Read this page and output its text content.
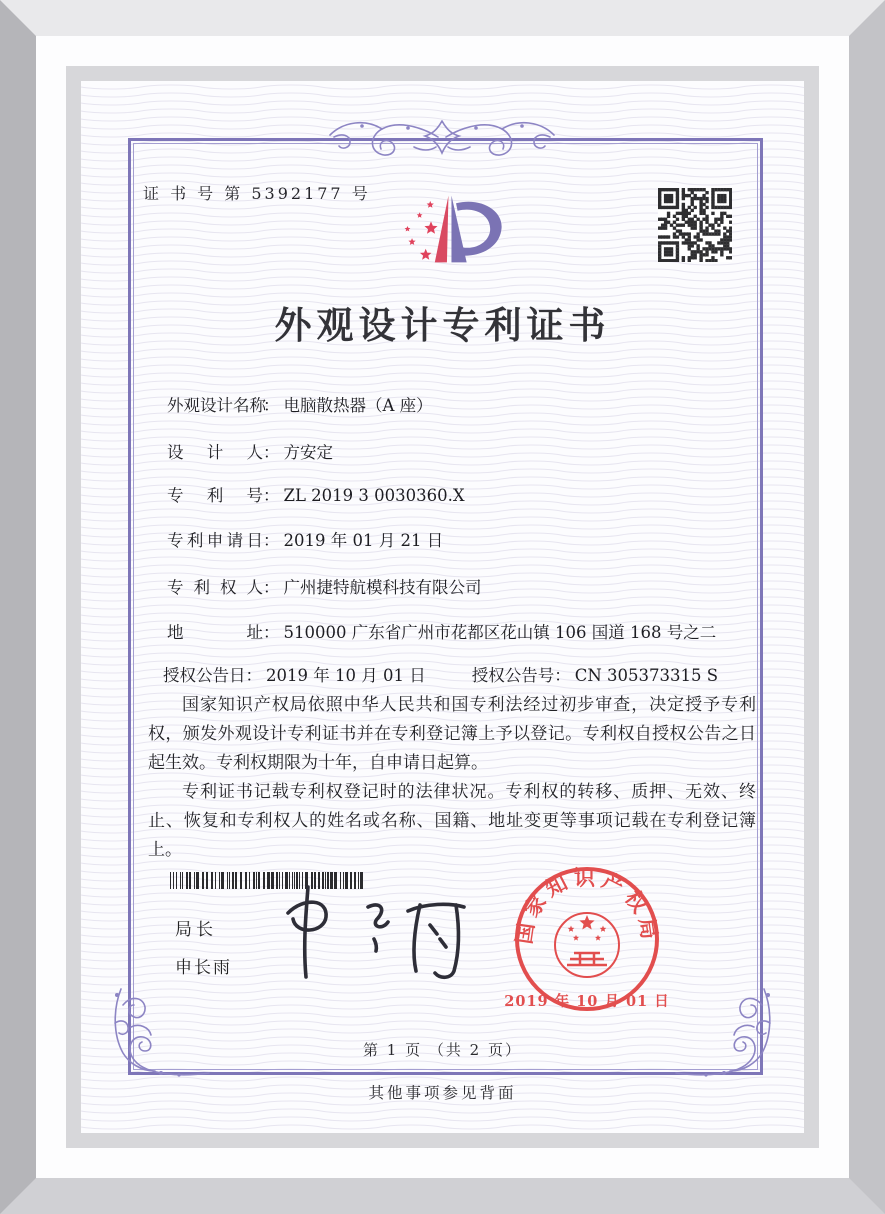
证 书 号 第 5392177 号
外观设计专利证书
外观设计名称： 电脑散热器（A 座）
设计人： 方安定
专利号： ZL 2019 3 0030360.X
专利申请日： 2019 年 01 月 21 日
专利权人： 广州捷特航模科技有限公司
地址： 510000 广东省广州市花都区花山镇 106 国道 168 号之二
授权公告日： 2019 年 10 月 01 日	授权公告号： CN 305373315 S

国家知识产权局依照中华人民共和国专利法经过初步审查，决定授予专利权，颁发外观设计专利证书并在专利登记簿上予以登记。专利权自授权公告之日起生效。专利权期限为十年，自申请日起算。

专利证书记载专利权登记时的法律状况。专利权的转移、质押、无效、终止、恢复和专利权人的姓名或名称、国籍、地址变更等事项记载在专利登记簿上。

局长
申长雨
国家知识产权局
2019 年 10 月 01 日
第 1 页 （共 2 页）
其他事项参见背面
